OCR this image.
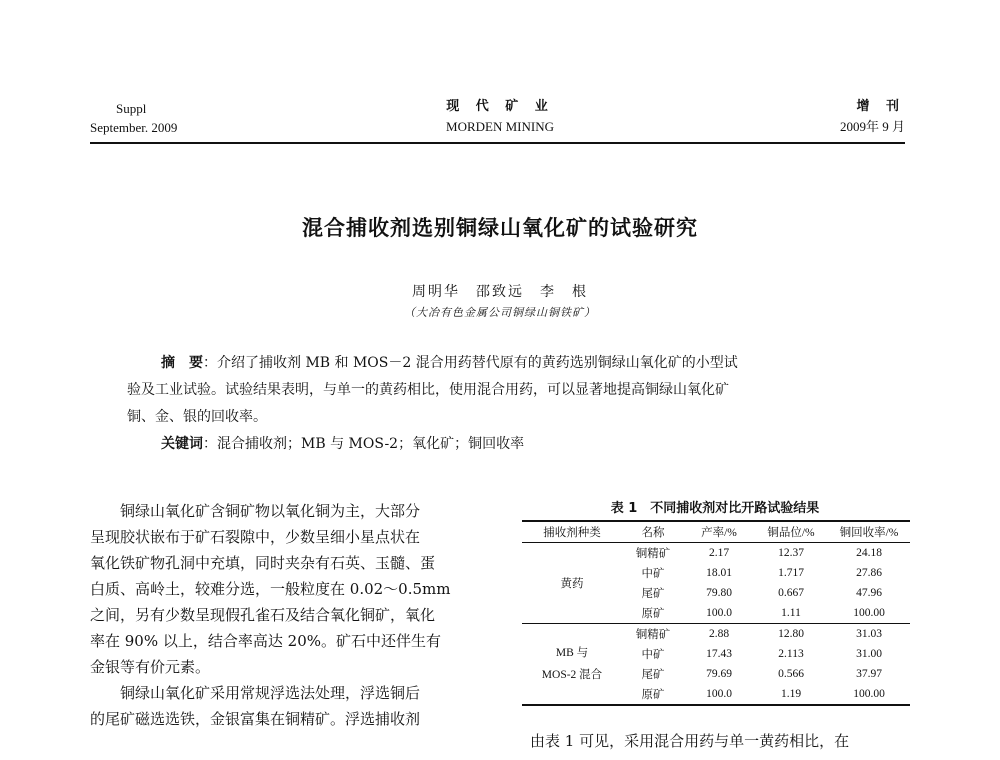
Suppl
September. 2009
现 代 矿 业
MORDEN MINING
增 刊
2009年 9 月
混合捕收剂选别铜绿山氧化矿的试验研究
周明华　邵致远　李　根
（大冶有色金属公司铜绿山铜铁矿）
摘　要：介绍了捕收剂 MB 和 MOS－2 混合用药替代原有的黄药选别铜绿山氧化矿的小型试
验及工业试验。试验结果表明，与单一的黄药相比，使用混合用药，可以显著地提高铜绿山氧化矿
铜、金、银的回收率。
关键词：混合捕收剂；MB 与 MOS-2；氧化矿；铜回收率
铜绿山氧化矿含铜矿物以氧化铜为主，大部分
呈现胶状嵌布于矿石裂隙中，少数呈细小星点状在
氧化铁矿物孔洞中充填，同时夹杂有石英、玉髓、蛋
白质、高岭土，较难分选，一般粒度在 0.02～0.5mm
之间，另有少数呈现假孔雀石及结合氧化铜矿，氧化
率在 90% 以上，结合率高达 20%。矿石中还伴生有
金银等有价元素。
铜绿山氧化矿采用常规浮选法处理，浮选铜后
的尾矿磁选选铁，金银富集在铜精矿。浮选捕收剂
表 1　不同捕收剂对比开路试验结果
捕收剂种类	名称	产率/%	铜品位/%	铜回收率/%
黄药	铜精矿	2.17	12.37	24.18
	中矿	18.01	1.717	27.86
	尾矿	79.80	0.667	47.96
	原矿	100.0	1.11	100.00

MB 与
MOS-2 混合	铜精矿	2.88	12.80	31.03
	中矿	17.43	2.113	31.00
	尾矿	79.69	0.566	37.97
	原矿	100.0	1.19	100.00
由表 1 可见，采用混合用药与单一黄药相比，在
